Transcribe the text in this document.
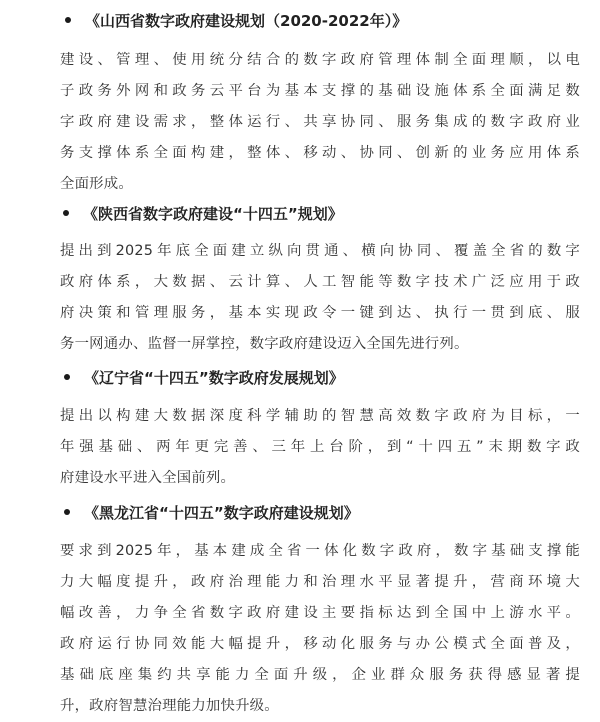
《山西省数字政府建设规划（2020-2022年）》
建设、管理、使用统分结合的数字政府管理体制全面理顺，以电
子政务外网和政务云平台为基本支撑的基础设施体系全面满足数
字政府建设需求，整体运行、共享协同、服务集成的数字政府业
务支撑体系全面构建，整体、移动、协同、创新的业务应用体系
全面形成。
《陕西省数字政府建设“十四五”规划》
提出到2025年底全面建立纵向贯通、横向协同、覆盖全省的数字
政府体系，大数据、云计算、人工智能等数字技术广泛应用于政
府决策和管理服务，基本实现政令一键到达、执行一贯到底、服
务一网通办、监督一屏掌控，数字政府建设迈入全国先进行列。
《辽宁省“十四五”数字政府发展规划》
提出以构建大数据深度科学辅助的智慧高效数字政府为目标，一
年强基础、两年更完善、三年上台阶，到“十四五”末期数字政
府建设水平进入全国前列。
《黑龙江省“十四五”数字政府建设规划》
要求到2025年，基本建成全省一体化数字政府，数字基础支撑能
力大幅度提升，政府治理能力和治理水平显著提升，营商环境大
幅改善，力争全省数字政府建设主要指标达到全国中上游水平。
政府运行协同效能大幅提升，移动化服务与办公模式全面普及，
基础底座集约共享能力全面升级，企业群众服务获得感显著提
升，政府智慧治理能力加快升级。
